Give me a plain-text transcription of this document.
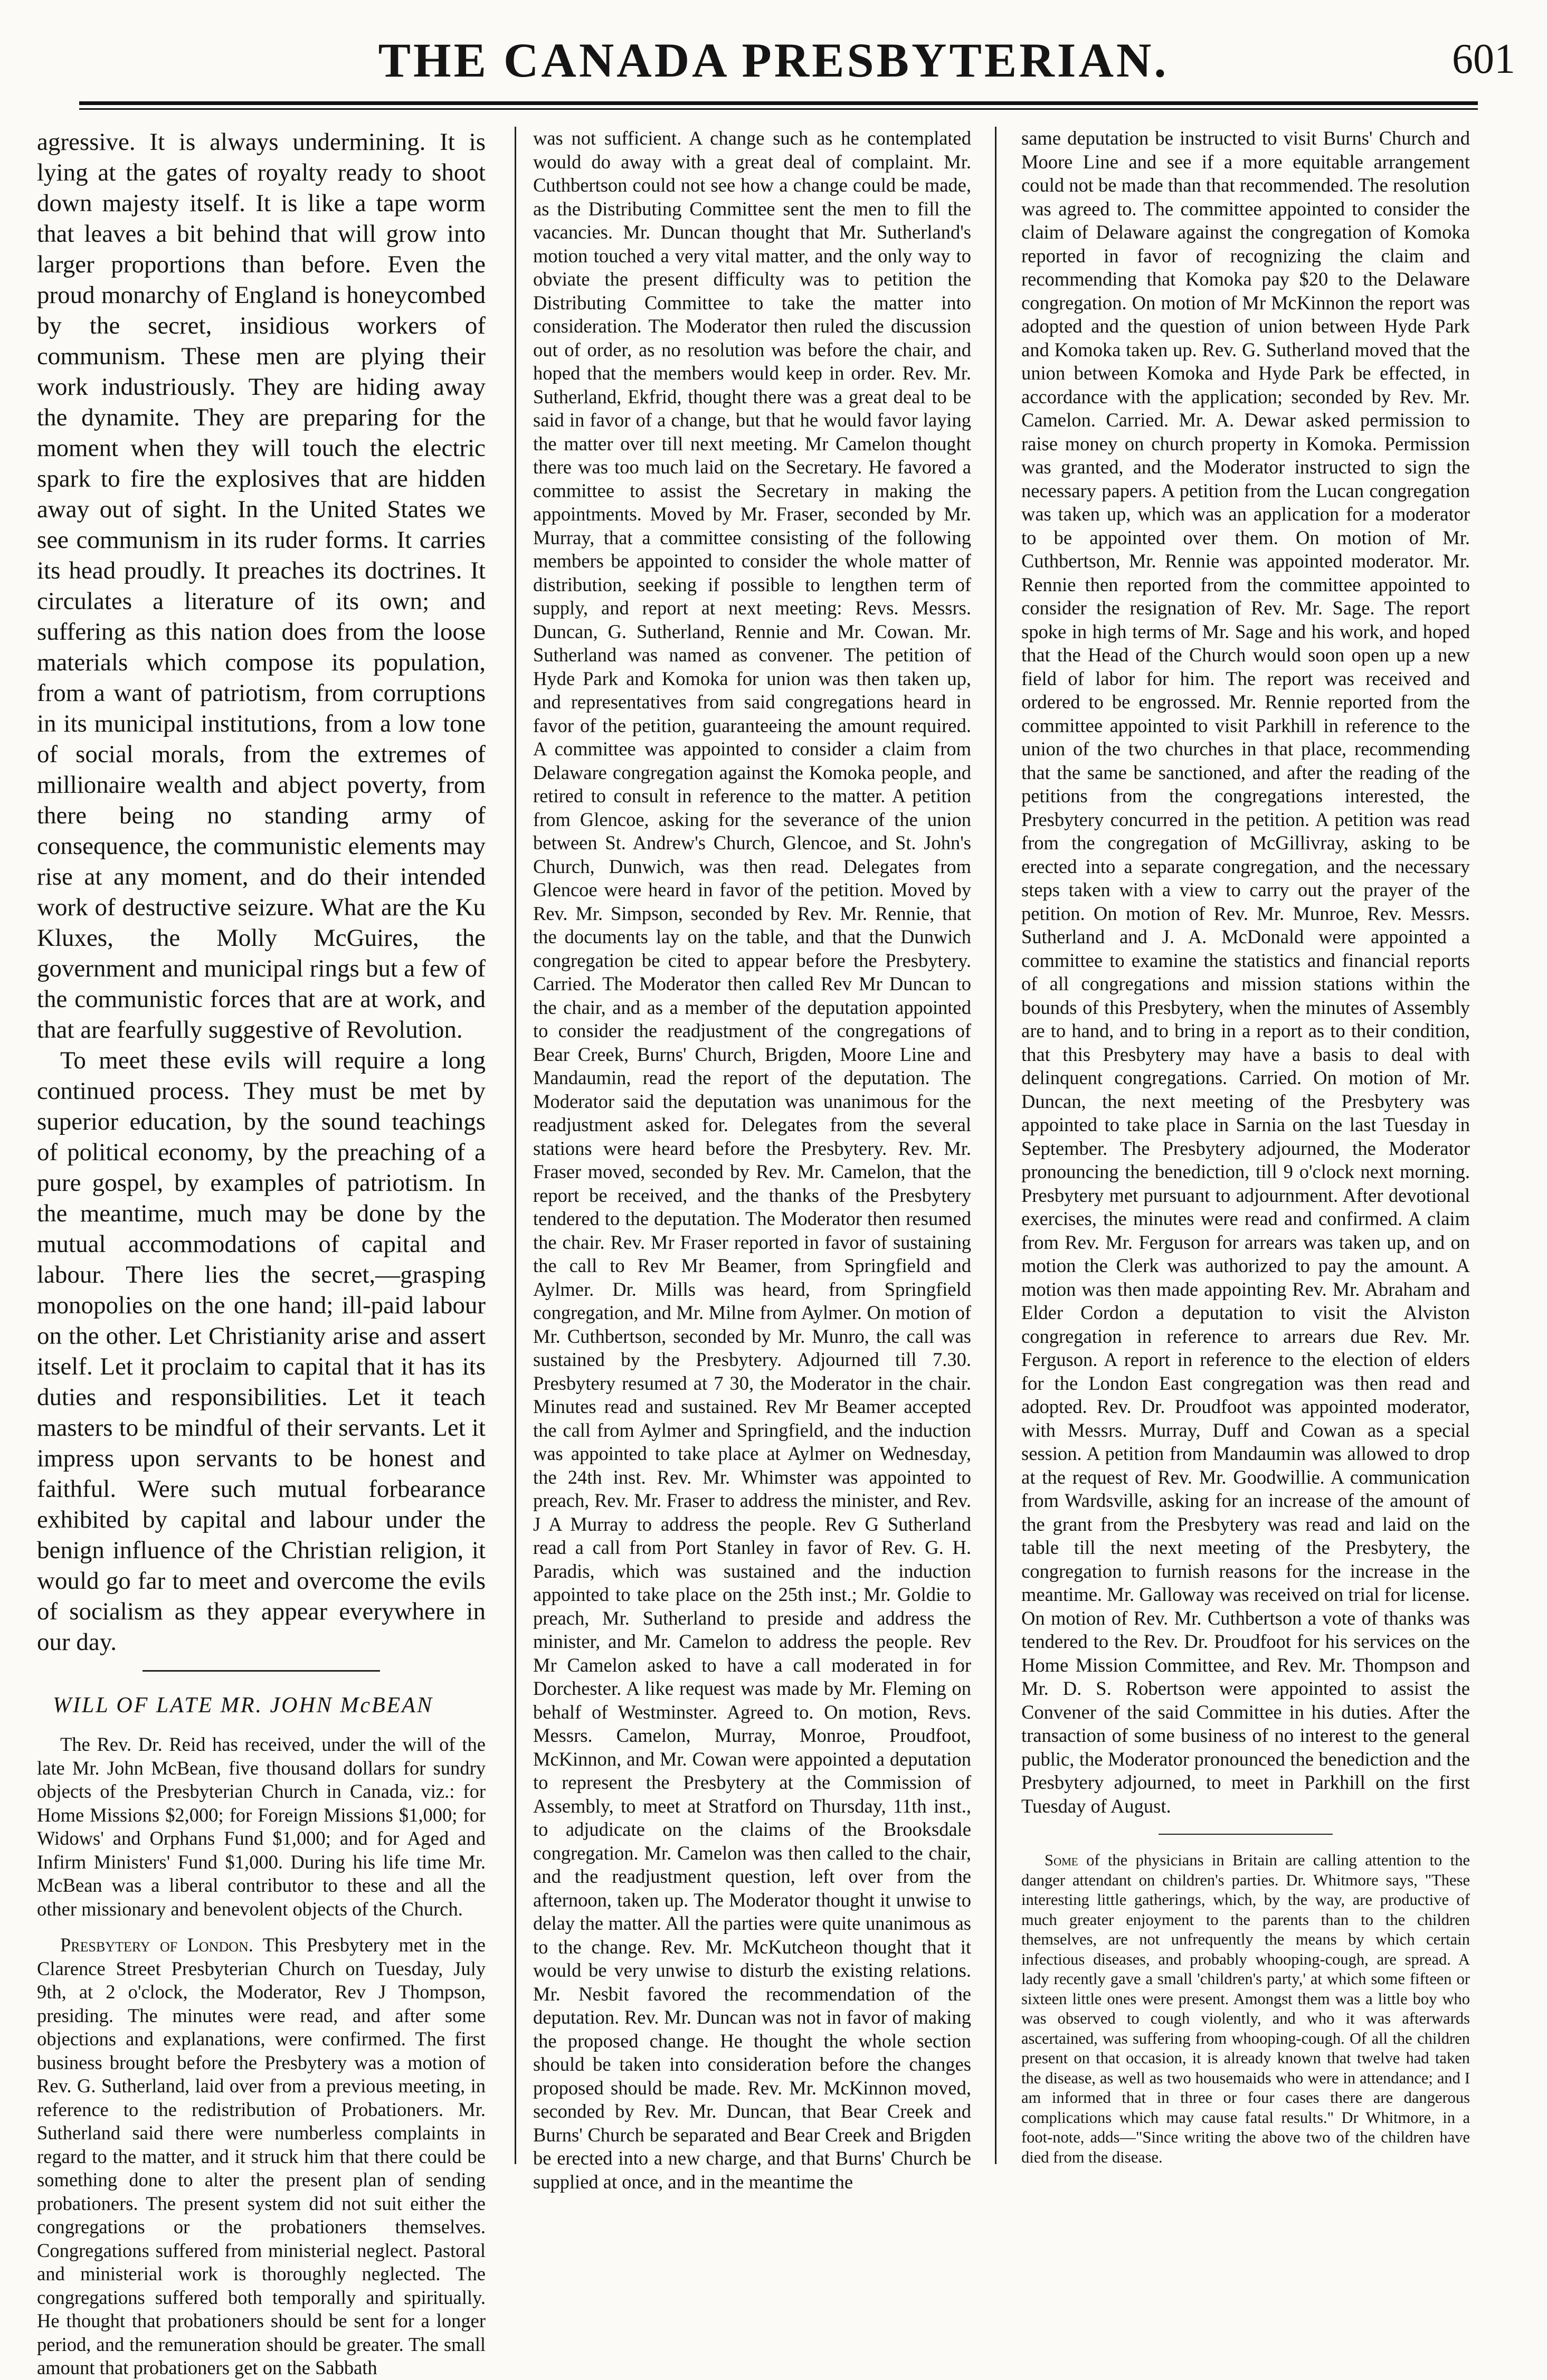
THE CANADA PRESBYTERIAN.	601

agressive. It is always undermining. It is lying at the gates of royalty ready to shoot down majesty itself. It is like a tape worm that leaves a bit behind that will grow into larger proportions than before. Even the proud monarchy of England is honeycombed by the secret, insidious workers of communism. These men are plying their work industriously. They are hiding away the dynamite. They are preparing for the moment when they will touch the electric spark to fire the explosives that are hidden away out of sight. In the United States we see communism in its ruder forms. It carries its head proudly. It preaches its doctrines. It circulates a literature of its own; and suffering as this nation does from the loose materials which compose its population, from a want of patriotism, from corruptions in its municipal institutions, from a low tone of social morals, from the extremes of millionaire wealth and abject poverty, from there being no standing army of consequence, the communistic elements may rise at any moment, and do their intended work of destructive seizure. What are the Ku Kluxes, the Molly McGuires, the government and municipal rings but a few of the communistic forces that are at work, and that are fearfully suggestive of Revolution.

To meet these evils will require a long continued process. They must be met by superior education, by the sound teachings of political economy, by the preaching of a pure gospel, by examples of patriotism. In the meantime, much may be done by the mutual accommodations of capital and labour. There lies the secret,—grasping monopolies on the one hand; ill-paid labour on the other. Let Christianity arise and assert itself. Let it proclaim to capital that it has its duties and responsibilities. Let it teach masters to be mindful of their servants. Let it impress upon servants to be honest and faithful. Were such mutual forbearance exhibited by capital and labour under the benign influence of the Christian religion, it would go far to meet and overcome the evils of socialism as they appear everywhere in our day.

WILL OF LATE MR. JOHN McBEAN

The Rev. Dr. Reid has received, under the will of the late Mr. John McBean, five thousand dollars for sundry objects of the Presbyterian Church in Canada, viz.: for Home Missions $2,000; for Foreign Missions $1,000; for Widows' and Orphans Fund $1,000; and for Aged and Infirm Ministers' Fund $1,000. During his life time Mr. McBean was a liberal contributor to these and all the other missionary and benevolent objects of the Church.

Presbytery of London. This Presbytery met in the Clarence Street Presbyterian Church on Tuesday, July 9th, at 2 o'clock, the Moderator, Rev J Thompson, presiding. The minutes were read, and after some objections and explanations, were confirmed. The first business brought before the Presbytery was a motion of Rev. G. Sutherland, laid over from a previous meeting, in reference to the redistribution of Probationers. Mr. Sutherland said there were numberless complaints in regard to the matter, and it struck him that there could be something done to alter the present plan of sending probationers. The present system did not suit either the congregations or the probationers themselves. Congregations suffered from ministerial neglect. Pastoral and ministerial work is thoroughly neglected. The congregations suffered both temporally and spiritually. He thought that probationers should be sent for a longer period, and the remuneration should be greater. The small amount that probationers get on the Sabbath

was not sufficient. A change such as he contemplated would do away with a great deal of complaint. Mr. Cuthbertson could not see how a change could be made, as the Distributing Committee sent the men to fill the vacancies. Mr. Duncan thought that Mr. Sutherland's motion touched a very vital matter, and the only way to obviate the present difficulty was to petition the Distributing Committee to take the matter into consideration. The Moderator then ruled the discussion out of order, as no resolution was before the chair, and hoped that the members would keep in order. Rev. Mr. Sutherland, Ekfrid, thought there was a great deal to be said in favor of a change, but that he would favor laying the matter over till next meeting. Mr Camelon thought there was too much laid on the Secretary. He favored a committee to assist the Secretary in making the appointments. Moved by Mr. Fraser, seconded by Mr. Murray, that a committee consisting of the following members be appointed to consider the whole matter of distribution, seeking if possible to lengthen term of supply, and report at next meeting: Revs. Messrs. Duncan, G. Sutherland, Rennie and Mr. Cowan. Mr. Sutherland was named as convener. The petition of Hyde Park and Komoka for union was then taken up, and representatives from said congregations heard in favor of the petition, guaranteeing the amount required. A committee was appointed to consider a claim from Delaware congregation against the Komoka people, and retired to consult in reference to the matter. A petition from Glencoe, asking for the severance of the union between St. Andrew's Church, Glencoe, and St. John's Church, Dunwich, was then read. Delegates from Glencoe were heard in favor of the petition. Moved by Rev. Mr. Simpson, seconded by Rev. Mr. Rennie, that the documents lay on the table, and that the Dunwich congregation be cited to appear before the Presbytery. Carried. The Moderator then called Rev Mr Duncan to the chair, and as a member of the deputation appointed to consider the readjustment of the congregations of Bear Creek, Burns' Church, Brigden, Moore Line and Mandaumin, read the report of the deputation. The Moderator said the deputation was unanimous for the readjustment asked for. Delegates from the several stations were heard before the Presbytery. Rev. Mr. Fraser moved, seconded by Rev. Mr. Camelon, that the report be received, and the thanks of the Presbytery tendered to the deputation. The Moderator then resumed the chair. Rev. Mr Fraser reported in favor of sustaining the call to Rev Mr Beamer, from Springfield and Aylmer. Dr. Mills was heard, from Springfield congregation, and Mr. Milne from Aylmer. On motion of Mr. Cuthbertson, seconded by Mr. Munro, the call was sustained by the Presbytery. Adjourned till 7.30. Presbytery resumed at 7 30, the Moderator in the chair. Minutes read and sustained. Rev Mr Beamer accepted the call from Aylmer and Springfield, and the induction was appointed to take place at Aylmer on Wednesday, the 24th inst. Rev. Mr. Whimster was appointed to preach, Rev. Mr. Fraser to address the minister, and Rev. J A Murray to address the people. Rev G Sutherland read a call from Port Stanley in favor of Rev. G. H. Paradis, which was sustained and the induction appointed to take place on the 25th inst.; Mr. Goldie to preach, Mr. Sutherland to preside and address the minister, and Mr. Camelon to address the people. Rev Mr Camelon asked to have a call moderated in for Dorchester. A like request was made by Mr. Fleming on behalf of Westminster. Agreed to. On motion, Revs. Messrs. Camelon, Murray, Monroe, Proudfoot, McKinnon, and Mr. Cowan were appointed a deputation to represent the Presbytery at the Commission of Assembly, to meet at Stratford on Thursday, 11th inst., to adjudicate on the claims of the Brooksdale congregation. Mr. Camelon was then called to the chair, and the readjustment question, left over from the afternoon, taken up. The Moderator thought it unwise to delay the matter. All the parties were quite unanimous as to the change. Rev. Mr. McKutcheon thought that it would be very unwise to disturb the existing relations. Mr. Nesbit favored the recommendation of the deputation. Rev. Mr. Duncan was not in favor of making the proposed change. He thought the whole section should be taken into consideration before the changes proposed should be made. Rev. Mr. McKinnon moved, seconded by Rev. Mr. Duncan, that Bear Creek and Burns' Church be separated and Bear Creek and Brigden be erected into a new charge, and that Burns' Church be supplied at once, and in the meantime the

same deputation be instructed to visit Burns' Church and Moore Line and see if a more equitable arrangement could not be made than that recommended. The resolution was agreed to. The committee appointed to consider the claim of Delaware against the congregation of Komoka reported in favor of recognizing the claim and recommending that Komoka pay $20 to the Delaware congregation. On motion of Mr McKinnon the report was adopted and the question of union between Hyde Park and Komoka taken up. Rev. G. Sutherland moved that the union between Komoka and Hyde Park be effected, in accordance with the application; seconded by Rev. Mr. Camelon. Carried. Mr. A. Dewar asked permission to raise money on church property in Komoka. Permission was granted, and the Moderator instructed to sign the necessary papers. A petition from the Lucan congregation was taken up, which was an application for a moderator to be appointed over them. On motion of Mr. Cuthbertson, Mr. Rennie was appointed moderator. Mr. Rennie then reported from the committee appointed to consider the resignation of Rev. Mr. Sage. The report spoke in high terms of Mr. Sage and his work, and hoped that the Head of the Church would soon open up a new field of labor for him. The report was received and ordered to be engrossed. Mr. Rennie reported from the committee appointed to visit Parkhill in reference to the union of the two churches in that place, recommending that the same be sanctioned, and after the reading of the petitions from the congregations interested, the Presbytery concurred in the petition. A petition was read from the congregation of McGillivray, asking to be erected into a separate congregation, and the necessary steps taken with a view to carry out the prayer of the petition. On motion of Rev. Mr. Munroe, Rev. Messrs. Sutherland and J. A. McDonald were appointed a committee to examine the statistics and financial reports of all congregations and mission stations within the bounds of this Presbytery, when the minutes of Assembly are to hand, and to bring in a report as to their condition, that this Presbytery may have a basis to deal with delinquent congregations. Carried. On motion of Mr. Duncan, the next meeting of the Presbytery was appointed to take place in Sarnia on the last Tuesday in September. The Presbytery adjourned, the Moderator pronouncing the benediction, till 9 o'clock next morning. Presbytery met pursuant to adjournment. After devotional exercises, the minutes were read and confirmed. A claim from Rev. Mr. Ferguson for arrears was taken up, and on motion the Clerk was authorized to pay the amount. A motion was then made appointing Rev. Mr. Abraham and Elder Cordon a deputation to visit the Alviston congregation in reference to arrears due Rev. Mr. Ferguson. A report in reference to the election of elders for the London East congregation was then read and adopted. Rev. Dr. Proudfoot was appointed moderator, with Messrs. Murray, Duff and Cowan as a special session. A petition from Mandaumin was allowed to drop at the request of Rev. Mr. Goodwillie. A communication from Wardsville, asking for an increase of the amount of the grant from the Presbytery was read and laid on the table till the next meeting of the Presbytery, the congregation to furnish reasons for the increase in the meantime. Mr. Galloway was received on trial for license. On motion of Rev. Mr. Cuthbertson a vote of thanks was tendered to the Rev. Dr. Proudfoot for his services on the Home Mission Committee, and Rev. Mr. Thompson and Mr. D. S. Robertson were appointed to assist the Convener of the said Committee in his duties. After the transaction of some business of no interest to the general public, the Moderator pronounced the benediction and the Presbytery adjourned, to meet in Parkhill on the first Tuesday of August.

Some of the physicians in Britain are calling attention to the danger attendant on children's parties. Dr. Whitmore says, "These interesting little gatherings, which, by the way, are productive of much greater enjoyment to the parents than to the children themselves, are not unfrequently the means by which certain infectious diseases, and probably whooping-cough, are spread. A lady recently gave a small 'children's party,' at which some fifteen or sixteen little ones were present. Amongst them was a little boy who was observed to cough violently, and who it was afterwards ascertained, was suffering from whooping-cough. Of all the children present on that occasion, it is already known that twelve had taken the disease, as well as two housemaids who were in attendance; and I am informed that in three or four cases there are dangerous complications which may cause fatal results." Dr Whitmore, in a foot-note, adds—"Since writing the above two of the children have died from the disease.
